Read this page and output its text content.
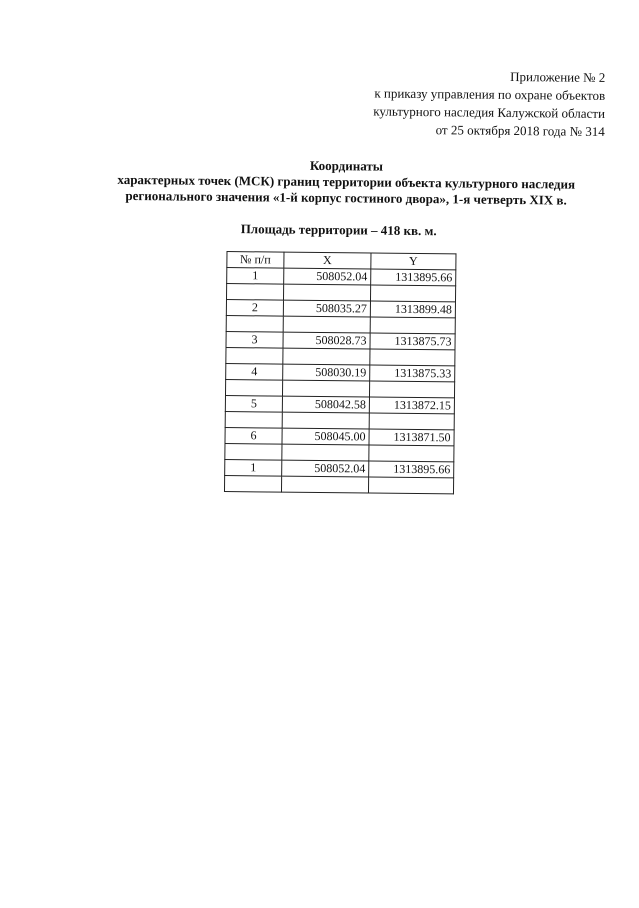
Приложение № 2
к приказу управления по охране объектов
культурного наследия Калужской области
от 25 октября 2018 года № 314
Координаты
характерных точек (МСК) границ территории объекта культурного наследия
регионального значения «1-й корпус гостиного двора», 1-я четверть XIX в.
Площадь территории – 418 кв. м.
№ п/п	X	Y
1	508052.04	1313895.66

2	508035.27	1313899.48

3	508028.73	1313875.73

4	508030.19	1313875.33

5	508042.58	1313872.15

6	508045.00	1313871.50

1	508052.04	1313895.66
